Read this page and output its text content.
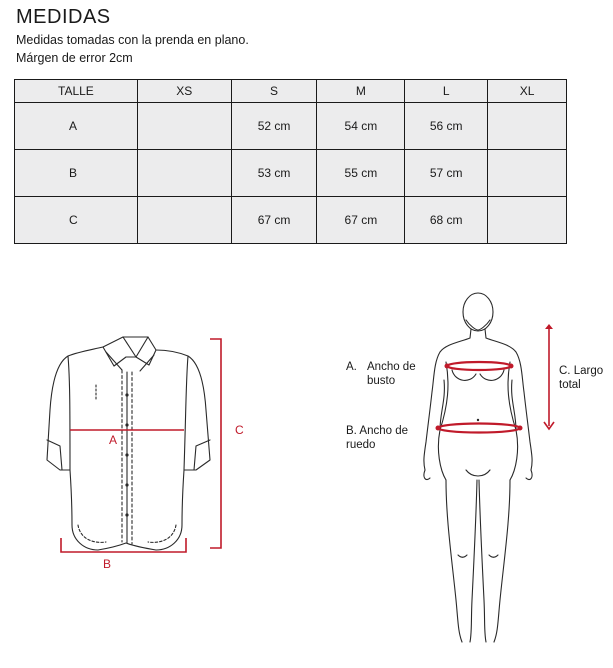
MEDIDAS
Medidas tomadas con la prenda en plano.
Márgen de error 2cm
TALLE	XS	S	M	L	XL
A		52 cm	54 cm	56 cm	
B		53 cm	55 cm	57 cm	
C		67 cm	67 cm	68 cm	
A
B
C
A. Ancho de
busto
B. Ancho de
ruedo
C. Largo
total
